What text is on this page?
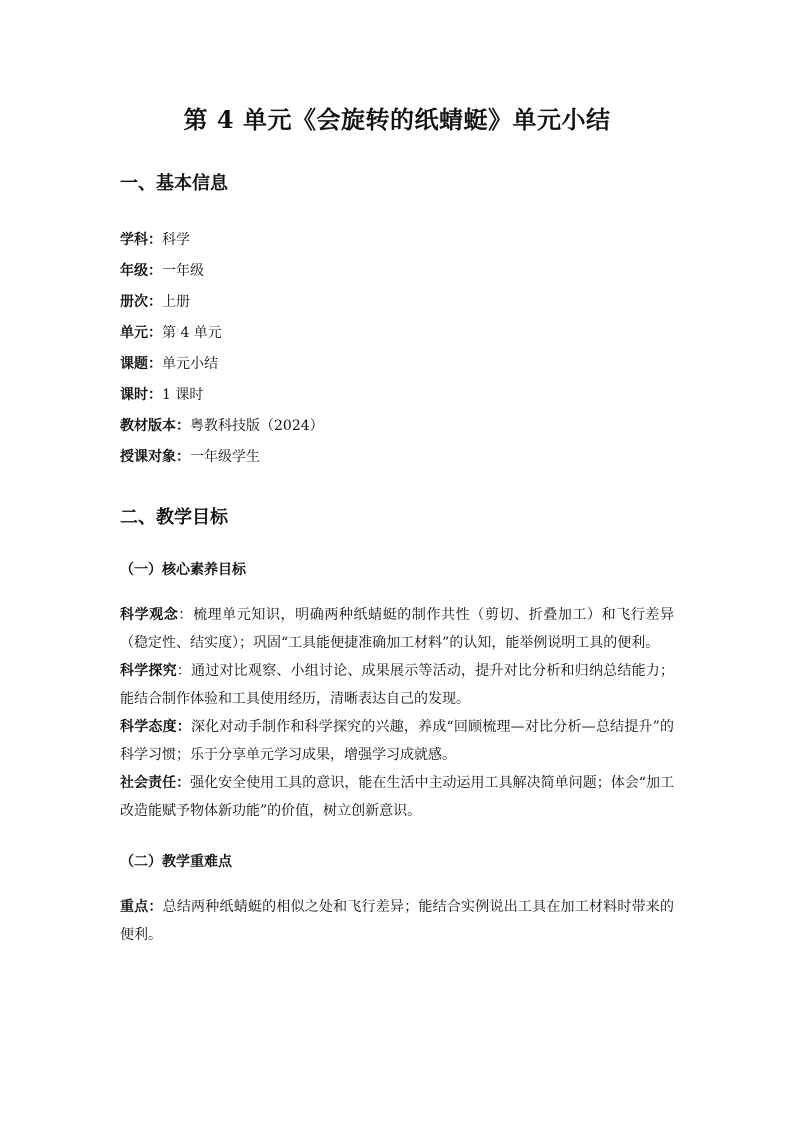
第 4 单元《会旋转的纸蜻蜓》单元小结
一、基本信息

学科：科学

年级：一年级

册次：上册

单元：第 4 单元

课题：单元小结

课时：1 课时

教材版本：粤教科技版（2024）

授课对象：一年级学生

二、教学目标
（一）核心素养目标

科学观念：梳理单元知识，明确两种纸蜻蜓的制作共性（剪切、折叠加工）和飞行差异（稳定性、结实度）；巩固“工具能便捷准确加工材料”的认知，能举例说明工具的便利。

科学探究：通过对比观察、小组讨论、成果展示等活动，提升对比分析和归纳总结能力；能结合制作体验和工具使用经历，清晰表达自己的发现。

科学态度：深化对动手制作和科学探究的兴趣，养成“回顾梳理—对比分析—总结提升”的科学习惯；乐于分享单元学习成果，增强学习成就感。

社会责任：强化安全使用工具的意识，能在生活中主动运用工具解决简单问题；体会“加工改造能赋予物体新功能”的价值，树立创新意识。

（二）教学重难点

重点：总结两种纸蜻蜓的相似之处和飞行差异；能结合实例说出工具在加工材料时带来的便利。
